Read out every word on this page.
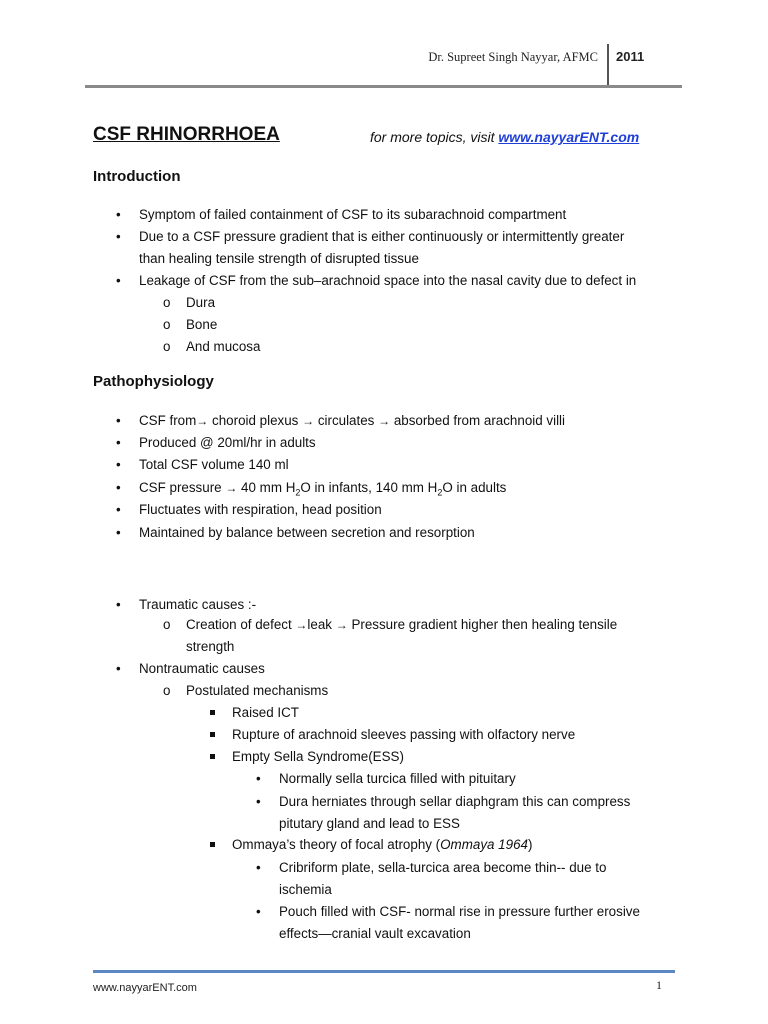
Dr. Supreet Singh Nayyar, AFMC 2011
CSF RHINORRHOEA	for more topics, visit www.nayyarENT.com
Introduction
• Symptom of failed containment of CSF to its subarachnoid compartment
• Due to a CSF pressure gradient that is either continuously or intermittently greater
than healing tensile strength of disrupted tissue
• Leakage of CSF from the sub–arachnoid space into the nasal cavity due to defect in
o Dura
o Bone
o And mucosa
Pathophysiology
• CSF from→ choroid plexus → circulates → absorbed from arachnoid villi
• Produced @ 20ml/hr in adults
• Total CSF volume 140 ml
• CSF pressure → 40 mm $H_2O$ in infants, 140 mm $H_2O$ in adults
• Fluctuates with respiration, head position
• Maintained by balance between secretion and resorption
• Traumatic causes :-
o Creation of defect →leak → Pressure gradient higher then healing tensile
strength
• Nontraumatic causes
o Postulated mechanisms
Raised ICT
Rupture of arachnoid sleeves passing with olfactory nerve
Empty Sella Syndrome(ESS)
• Normally sella turcica filled with pituitary
• Dura herniates through sellar diaphgram this can compress
pitutary gland and lead to ESS
Ommaya’s theory of focal atrophy (Ommaya 1964)
• Cribriform plate, sella-turcica area become thin-- due to
ischemia
• Pouch filled with CSF- normal rise in pressure further erosive
effects—cranial vault excavation
www.nayyarENT.com	1
